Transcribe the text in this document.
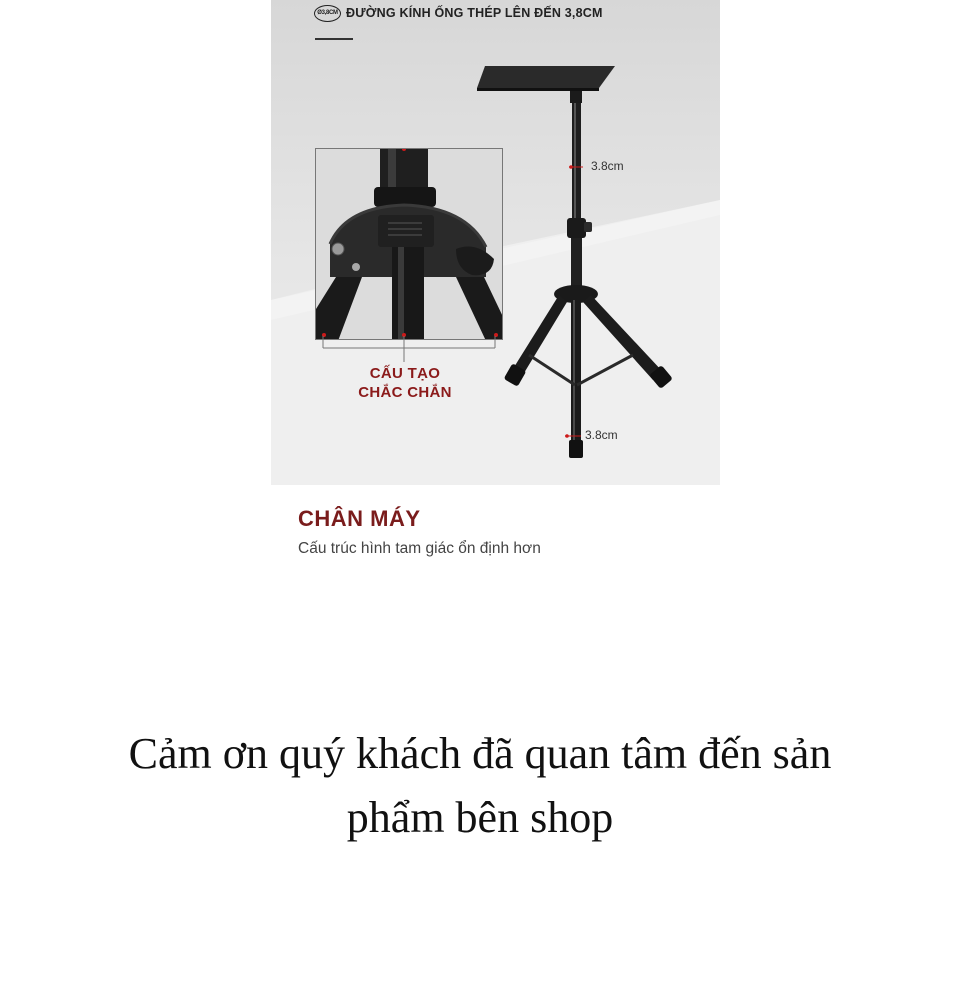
Ø3,8CM ĐƯỜNG KÍNH ỐNG THÉP LÊN ĐẾN 3,8CM
3.8cm
3.8cm
CẤU TẠO
CHẮC CHẮN
CHÂN MÁY
Cấu trúc hình tam giác ổn định hơn
Cảm ơn quý khách đã quan tâm đến sản
phẩm bên shop
